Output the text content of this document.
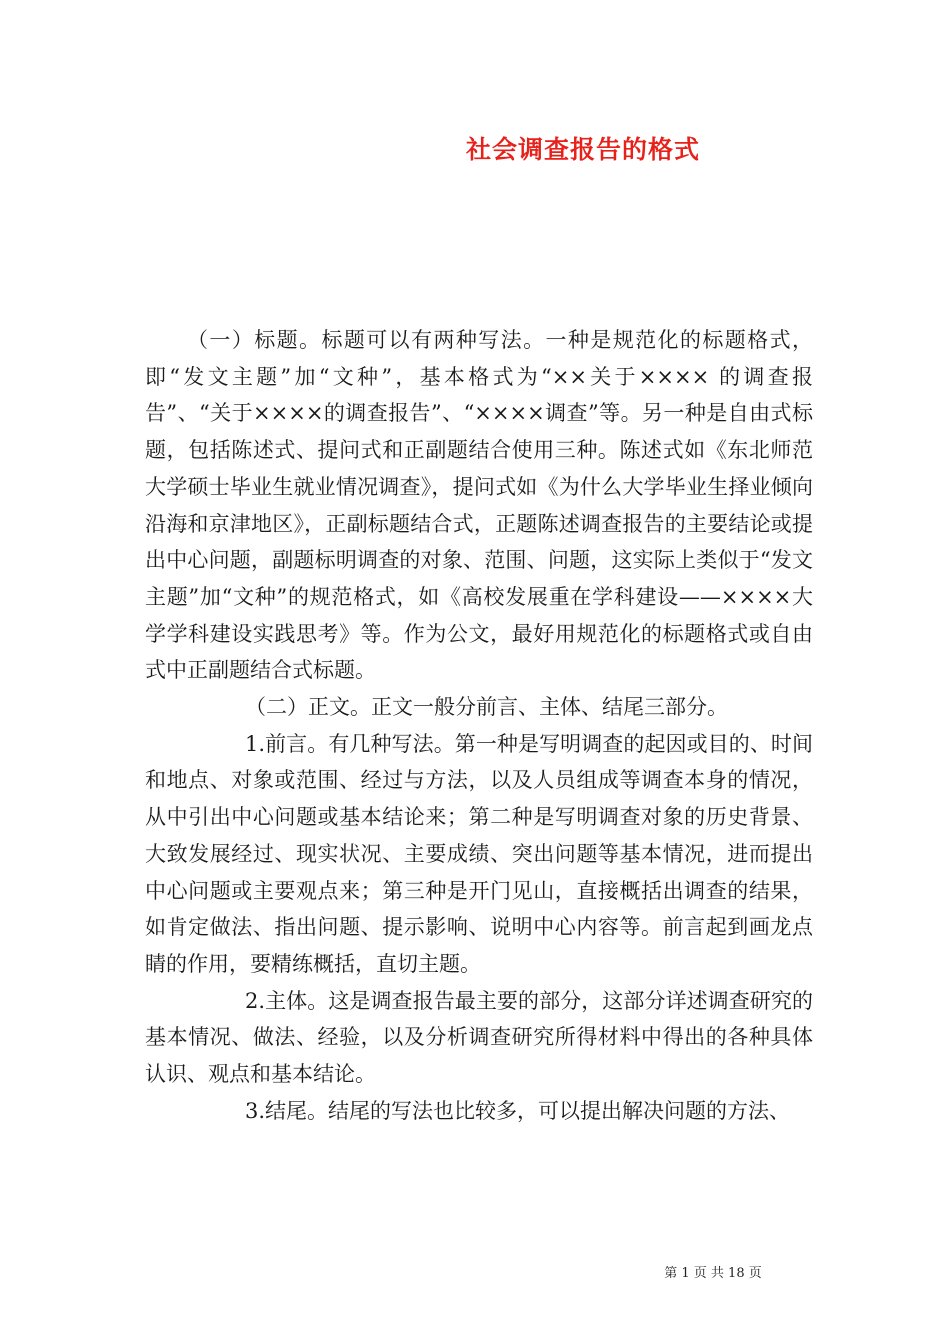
社会调查报告的格式

（一）标题。标题可以有两种写法。一种是规范化的标题格式，即“发文主题”加“文种”，基本格式为“××关于×××× 的调查报告”、“关于××××的调查报告”、“××××调查”等。另一种是自由式标题，包括陈述式、提问式和正副题结合使用三种。陈述式如《东北师范大学硕士毕业生就业情况调查》，提问式如《为什么大学毕业生择业倾向沿海和京津地区》，正副标题结合式，正题陈述调查报告的主要结论或提出中心问题，副题标明调查的对象、范围、问题，这实际上类似于“发文主题”加“文种”的规范格式，如《高校发展重在学科建设——××××大学学科建设实践思考》等。作为公文，最好用规范化的标题格式或自由式中正副题结合式标题。

（二）正文。正文一般分前言、主体、结尾三部分。

1.前言。有几种写法。第一种是写明调查的起因或目的、时间和地点、对象或范围、经过与方法，以及人员组成等调查本身的情况，从中引出中心问题或基本结论来；第二种是写明调查对象的历史背景、大致发展经过、现实状况、主要成绩、突出问题等基本情况，进而提出中心问题或主要观点来；第三种是开门见山，直接概括出调查的结果，如肯定做法、指出问题、提示影响、说明中心内容等。前言起到画龙点睛的作用，要精练概括，直切主题。

2.主体。这是调查报告最主要的部分，这部分详述调查研究的基本情况、做法、经验，以及分析调查研究所得材料中得出的各种具体认识、观点和基本结论。

3.结尾。结尾的写法也比较多，可以提出解决问题的方法、

第 1 页 共 18 页
